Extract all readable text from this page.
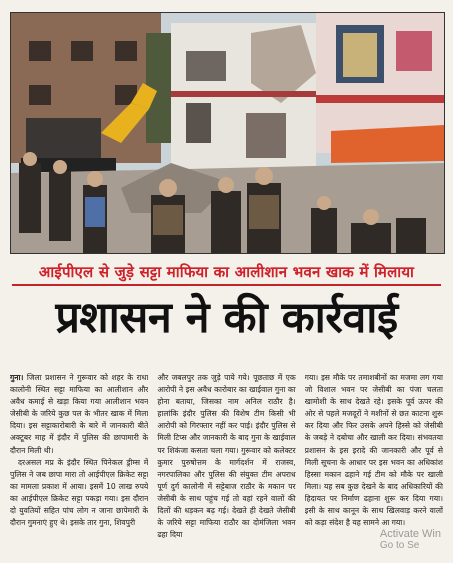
आईपीएल से जुड़े सट्टा माफिया का आलीशान भवन खाक में मिलाया
प्रशासन ने की कार्रवाई

गुना। जिला प्रशासन ने गुरूवार को शहर के राधा कालोनी स्थित सट्टा माफिया का आलीशान और अवैध कमाई से खड़ा किया गया आलीशान भवन जेसीबी के जरिये कुछ पल के भीतर खाक में मिला दिया। इस सट्टाकारोबारी के बारे में जानकारी बीते अक्टूबर माह में इंदौर में पुलिस की छापामारी के दौरान मिली थी।

दरअसल मप्र के इंदौर स्थित पिनेकल ड्रीम्स में पुलिस ने जब छापा मारा तो आईपीएल क्रिकेट सट्टा का मामला प्रकाश में आया। इसमें 10 लाख रुपये का आईपीएल क्रिकेट सट्टा पकड़ा गया। इस दौरान दो युवतियों सहित पांच लोग न जाना छापेमारी के दौरान गुमनाएं हुए थे। इसके तार गुना, शिवपुरी

और जबलपुर तक जुड़े पाये गये। पूछताछ में एक आरोपी ने इस अवैध कारोबार का खाईवाल गुना का होना बताया, जिसका नाम अनिल राठौर है। हालांकि इंदौर पुलिस की विशेष टीम किसी भी आरोपी को गिरफ्तार नहीं कर पाई। इंदौर पुलिस से मिली टिप्स और जानकारी के बाद गुना के खाईवाल पर शिकंजा कसता चला गया। गुरूवार को कलेक्टर कुमार पुरुषोत्तम के मार्गदर्शन में राजस्व, नगरपालिका और पुलिस की संयुक्त टीम अपराध पूर्ण दुर्ग कालोनी में सट्टेबाज राठौर के मकान पर जेसीबी के साथ पहुंच गई तो वहां रहने वालों की दिलों की धड़कन बढ़ गई। देखते ही देखते जेसीबी के जरिये सट्टा माफिया राठौर का दोमंजिला भवन ढहा दिया

गया। इस मौके पर तमाशबीनों का मजमा लग गया जो विशाल भवन पर जेसीबी का पंजा चलता खामोशी के साथ देखते रहे। इसके पूर्व ऊपर की ओर से पहले मजदूरों ने मशीनों से छत काटना शुरू कर दिया और फिर उसके अपने हिस्से को जेसीबी के जबड़े ने दबोचा और खाली कर दिया। संभवतया प्रशासन के इस इरादे की जानकारी और पूर्व से मिली सूचना के आधार पर इस भवन का अधिकांश हिस्सा मकान ढहाने गई टीम को मौके पर खाली मिला। यह सब कुछ देखने के बाद अधिकारियों की हिदायत पर निर्माण ढहाना शुरू कर दिया गया। इसी के साथ कानून के साथ खिलवाड़ करने वालों को कड़ा संदेश है यह सामने आ गया।

Activate Win
Go to Se
